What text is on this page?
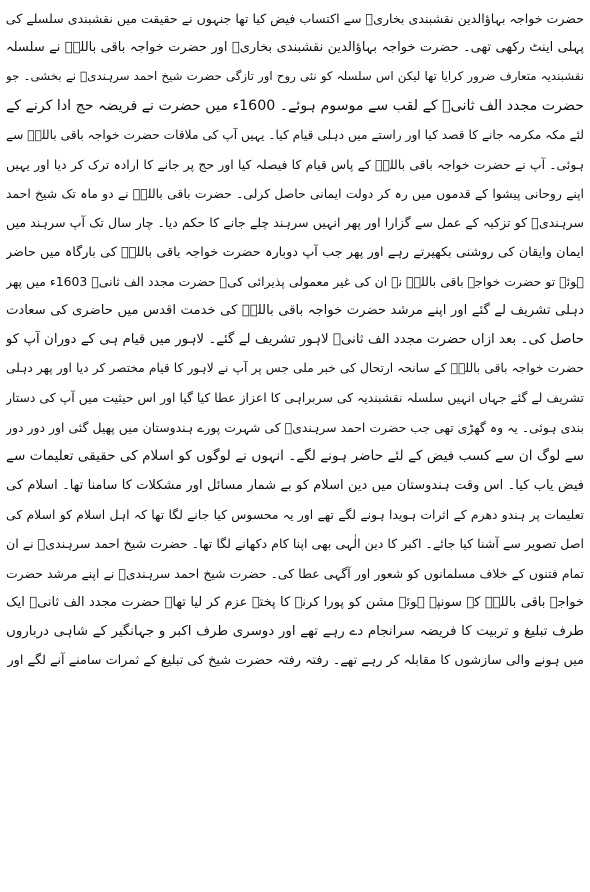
حضرت خواجہ بہاؤالدین نقشبندی بخاریؒ سے اکتساب فیض کیا تھا جنہوں نے حقیقت میں نقشبندی سلسلے کی
پہلی اینٹ رکھی تھی۔ حضرت خواجہ بہاؤالدین نقشبندی بخاریؒ اور حضرت خواجہ باقی باللہؒ نے سلسلہ
نقشبندیہ متعارف ضرور کرایا تھا لیکن اس سلسلہ کو نئی روح اور تازگی حضرت شیخ احمد سرہندیؒ نے بخشی۔ جو
حضرت مجدد الف ثانیؒ کے لقب سے موسوم ہوئے۔ 1600ء میں حضرت نے فریضہ حج ادا کرنے کے
لئے مکہ مکرمہ جانے کا قصد کیا اور راستے میں دہلی قیام کیا۔ یہیں آپ کی ملاقات حضرت خواجہ باقی باللہؒ سے
ہوئی۔ آپ نے حضرت خواجہ باقی باللہؒ کے پاس قیام کا فیصلہ کیا اور حج پر جانے کا ارادہ ترک کر دیا اور یہیں
اپنے روحانی پیشوا کے قدموں میں رہ کر دولت ایمانی حاصل کرلی۔ حضرت باقی باللہؒ نے دو ماہ تک شیخ احمد
سرہندیؒ کو تزکیہ کے عمل سے گزارا اور پھر انہیں سرہند چلے جانے کا حکم دیا۔ چار سال تک آپ سرہند میں
ایمان وایقان کی روشنی بکھیرتے رہے اور پھر جب آپ دوبارہ حضرت خواجہ باقی باللہؒ کی بارگاہ میں حاضر
ہوئے تو حضرت خواجہ باقی باللہؒ نے ان کی غیر معمولی پذیرائی کی۔ حضرت مجدد الف ثانیؒ 1603ء میں پھر
دہلی تشریف لے گئے اور اپنے مرشد حضرت خواجہ باقی باللہؒ کی خدمت اقدس میں حاضری کی سعادت
حاصل کی۔ بعد ازاں حضرت مجدد الف ثانیؒ لاہور تشریف لے گئے۔ لاہور میں قیام ہی کے دوران آپ کو
حضرت خواجہ باقی باللہؒ کے سانحہ ارتحال کی خبر ملی جس پر آپ نے لاہور کا قیام مختصر کر دیا اور پھر دہلی
تشریف لے گئے جہاں انہیں سلسلہ نقشبندیہ کی سربراہی کا اعزاز عطا کیا گیا اور اس حیثیت میں آپ کی دستار
بندی ہوئی۔ یہ وہ گھڑی تھی جب حضرت احمد سرہندیؒ کی شہرت پورے ہندوستان میں پھیل گئی اور دور دور
سے لوگ ان سے کسب فیض کے لئے حاضر ہونے لگے۔ انہوں نے لوگوں کو اسلام کی حقیقی تعلیمات سے
فیض یاب کیا۔ اس وقت ہندوستان میں دین اسلام کو بے شمار مسائل اور مشکلات کا سامنا تھا۔ اسلام کی
تعلیمات پر ہندو دھرم کے اثرات ہویدا ہونے لگے تھے اور یہ محسوس کیا جانے لگا تھا کہ اہل اسلام کو اسلام کی
اصل تصویر سے آشنا کیا جائے۔ اکبر کا دین الٰہی بھی اپنا کام دکھانے لگا تھا۔ حضرت شیخ احمد سرہندیؒ نے ان
تمام فتنوں کے خلاف مسلمانوں کو شعور اور آگہی عطا کی۔ حضرت شیخ احمد سرہندیؒ نے اپنے مرشد حضرت
خواجہ باقی باللہؒ کے سونپے ہوئے مشن کو پورا کرنے کا پختہ عزم کر لیا تھا۔ حضرت مجدد الف ثانیؒ ایک
طرف تبلیغ و تربیت کا فریضہ سرانجام دے رہے تھے اور دوسری طرف اکبر و جہانگیر کے شاہی درباروں
میں ہونے والی سازشوں کا مقابلہ کر رہے تھے۔ رفتہ رفتہ حضرت شیخ کی تبلیغ کے ثمرات سامنے آنے لگے اور
